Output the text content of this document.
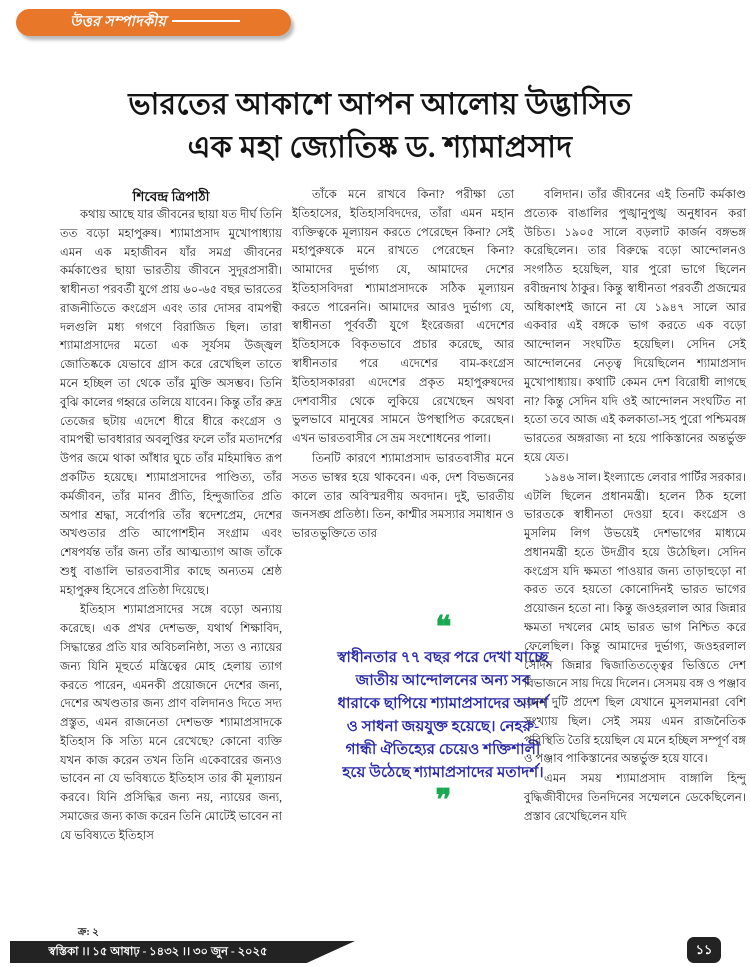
উত্তর সম্পাদকীয়
ভারতের আকাশে আপন আলোয় উদ্ভাসিত
এক মহা জ্যোতিষ্ক ড. শ্যামাপ্রসাদ
শিবেন্দ্র ত্রিপাঠী

কথায় আছে যার জীবনের ছায়া যত দীর্ঘ তিনি তত বড়ো মহাপুরুষ। শ্যামাপ্রসাদ মুখোপাধ্যায় এমন এক মহাজীবন যাঁর সমগ্র জীবনের কর্মকাণ্ডের ছায়া ভারতীয় জীবনে সুদূরপ্রসারী। স্বাধীনতা পরবর্তী যুগে প্রায় ৬০-৬৫ বছর ভারতের রাজনীতিতে কংগ্রেস এবং তার দোসর বামপন্থী দলগুলি মধ্য গগণে বিরাজিত ছিল। তারা শ্যামাপ্রসাদের মতো এক সূর্যসম উজ্জ্বল জোতিষ্ককে যেভাবে গ্রাস করে রেখেছিল তাতে মনে হচ্ছিল তা থেকে তাঁর মুক্তি অসম্ভব। তিনি বুঝি কালের গহ্বরে তলিয়ে যাবেন। কিন্তু তাঁর রুদ্র তেজের ছটায় এদেশে ধীরে ধীরে কংগ্রেস ও বামপন্থী ভাবধারার অবলুপ্তির ফলে তাঁর মতাদর্শের উপর জমে থাকা আঁধার ঘুচে তাঁর মহিমান্বিত রূপ প্রকটিত হয়েছে। শ্যামাপ্রসাদের পাণ্ডিত্য, তাঁর কর্মজীবন, তাঁর মানব প্রীতি, হিন্দুজাতির প্রতি অপার শ্রদ্ধা, সর্বোপরি তাঁর স্বদেশপ্রেম, দেশের অখণ্ডতার প্রতি আপোশহীন সংগ্রাম এবং শেষপর্যন্ত তাঁর জন্য তাঁর আত্মত্যাগ আজ তাঁকে শুধু বাঙালি ভারতবাসীর কাছে অন্যতম শ্রেষ্ঠ মহাপুরুষ হিসেবে প্রতিষ্ঠা দিয়েছে।

ইতিহাস শ্যামাপ্রসাদের সঙ্গে বড়ো অন্যায় করেছে। এক প্রখর দেশভক্ত, যথার্থ শিক্ষাবিদ, সিদ্ধান্তের প্রতি যার অবিচলনিষ্ঠা, সত্য ও ন্যায়ের জন্য যিনি মূহুর্তে মন্ত্রিত্বের মোহ হেলায় ত্যাগ করতে পারেন, এমনকী প্রয়োজনে দেশের জন্য, দেশের অখণ্ডতার জন্য প্রাণ বলিদানও দিতে সদ্য প্রস্তুত, এমন রাজনেতা দেশভক্ত শ্যামাপ্রসাদকে ইতিহাস কি সত্যি মনে রেখেছে? কোনো ব্যক্তি যখন কাজ করেন তখন তিনি একেবারের জন্যও ভাবেন না যে ভবিষ্যতে ইতিহাস তার কী মূল্যায়ন করবে। যিনি প্রসিদ্ধির জন্য নয়, ন্যায়ের জন্য, সমাজের জন্য কাজ করেন তিনি মোটেই ভাবেন না যে ভবিষ্যতে ইতিহাস

তাঁকে মনে রাখবে কিনা? পরীক্ষা তো ইতিহাসের, ইতিহাসবিদদের, তাঁরা এমন মহান ব্যক্তিত্বকে মূল্যায়ন করতে পেরেছেন কিনা? সেই মহাপুরুষকে মনে রাখতে পেরেছেন কিনা? আমাদের দুর্ভাগ্য যে, আমাদের দেশের ইতিহাসবিদরা শ্যামাপ্রসাদকে সঠিক মূল্যায়ন করতে পারেননি। আমাদের আরও দুর্ভাগ্য যে, স্বাধীনতা পূর্ববর্তী যুগে ইংরেজরা এদেশের ইতিহাসকে বিকৃতভাবে প্রচার করেছে, আর স্বাধীনতার পরে এদেশের বাম-কংগ্রেস ইতিহাসকাররা এদেশের প্রকৃত মহাপুরুষদের দেশবাসীর থেকে লুকিয়ে রেখেছেন অথবা ভুলভাবে মানুষের সামনে উপস্থাপিত করেছেন। এখন ভারতবাসীর সে ভ্রম সংশোধনের পালা।

তিনটি কারণে শ্যামাপ্রসাদ ভারতবাসীর মনে সতত ভাস্বর হয়ে থাকবেন। এক, দেশ বিভজনের কালে তার অবিস্মরণীয় অবদান। দুই, ভারতীয় জনসঙ্ঘ প্রতিষ্ঠা। তিন, কাশ্মীর সমস্যার সমাধান ও ভারতভুক্তিতে তার

❝
স্বাধীনতার ৭৭ বছর পরে দেখা যাচ্ছে জাতীয় আন্দোলনের অন্য সব ধারাকে ছাপিয়ে শ্যামাপ্রসাদের আদর্শ ও সাধনা জয়যুক্ত হয়েছে। নেহরু-গান্ধী ঐতিহ্যের চেয়েও শক্তিশালী হয়ে উঠেছে শ্যামাপ্রসাদের মতাদর্শ।
❞

বলিদান। তাঁর জীবনের এই তিনটি কর্মকাণ্ড প্রত্যেক বাঙালির পুঙ্খানুপুঙ্খ অনুধাবন করা উচিত। ১৯০৫ সালে বড়লাট কার্জন বঙ্গভঙ্গ করেছিলেন। তার বিরুদ্ধে বড়ো আন্দোলনও সংগঠিত হয়েছিল, যার পুরো ভাগে ছিলেন রবীন্দ্রনাথ ঠাকুর। কিন্তু স্বাধীনতা পরবর্তী প্রজন্মের অধিকাংশই জানে না যে ১৯৪৭ সালে আর একবার এই বঙ্গকে ভাগ করতে এক বড়ো আন্দোলন সংঘটিত হয়েছিল। সেদিন সেই আন্দোলনের নেতৃত্ব দিয়েছিলেন শ্যামাপ্রসাদ মুখোপাধ্যায়। কথাটি কেমন দেশ বিরোধী লাগছে না? কিন্তু সেদিন যদি ওই আন্দোলন সংঘটিত না হতো তবে আজ এই কলকাতা-সহ পুরো পশ্চিমবঙ্গ ভারতের অঙ্গরাজ্য না হয়ে পাকিস্তানের অন্তর্ভুক্ত হয়ে যেত।

১৯৪৬ সাল। ইংল্যান্ডে লেবার পার্টির সরকার। এটলি ছিলেন প্রধানমন্ত্রী। হলেন ঠিক হলো ভারতকে স্বাধীনতা দেওয়া হবে। কংগ্রেস ও মুসলিম লিগ উভয়েই দেশভাগের মাধ্যমে প্রধানমন্ত্রী হতে উদগ্রীব হয়ে উঠেছিল। সেদিন কংগ্রেস যদি ক্ষমতা পাওয়ার জন্য তাড়াহুড়ো না করত তবে হয়তো কোনোদিনই ভারত ভাগের প্রয়োজন হতো না। কিন্তু জওহরলাল আর জিন্নার ক্ষমতা দখলের মোহ ভারত ভাগ নিশ্চিত করে ফেলেছিল। কিন্তু আমাদের দুর্ভাগ্য, জওহরলাল সেদিন জিন্নার দ্বিজাতিতত্ত্বের ভিত্তিতে দেশ বিভাজনে সায় দিয়ে দিলেন। সেসময় বঙ্গ ও পঞ্জাব এমন দুটি প্রদেশ ছিল যেখানে মুসলমানরা বেশি সংখ্যায় ছিল। সেই সময় এমন রাজনৈতিক পরিস্থিতি তৈরি হয়েছিল যে মনে হচ্ছিল সম্পূর্ণ বঙ্গ ও পঞ্জাব পাকিস্তানের অন্তর্ভুক্ত হয়ে যাবে।

এমন সময় শ্যামাপ্রসাদ বাঙ্গালি হিন্দু বুদ্ধিজীবীদের তিনদিনের সম্মেলনে ডেকেছিলেন। প্রস্তাব রেখেছিলেন যদি

ক্র: ২
স্বস্তিকা ।। ১৫ আষাঢ় - ১৪৩২ ।। ৩০ জুন - ২০২৫	১১
